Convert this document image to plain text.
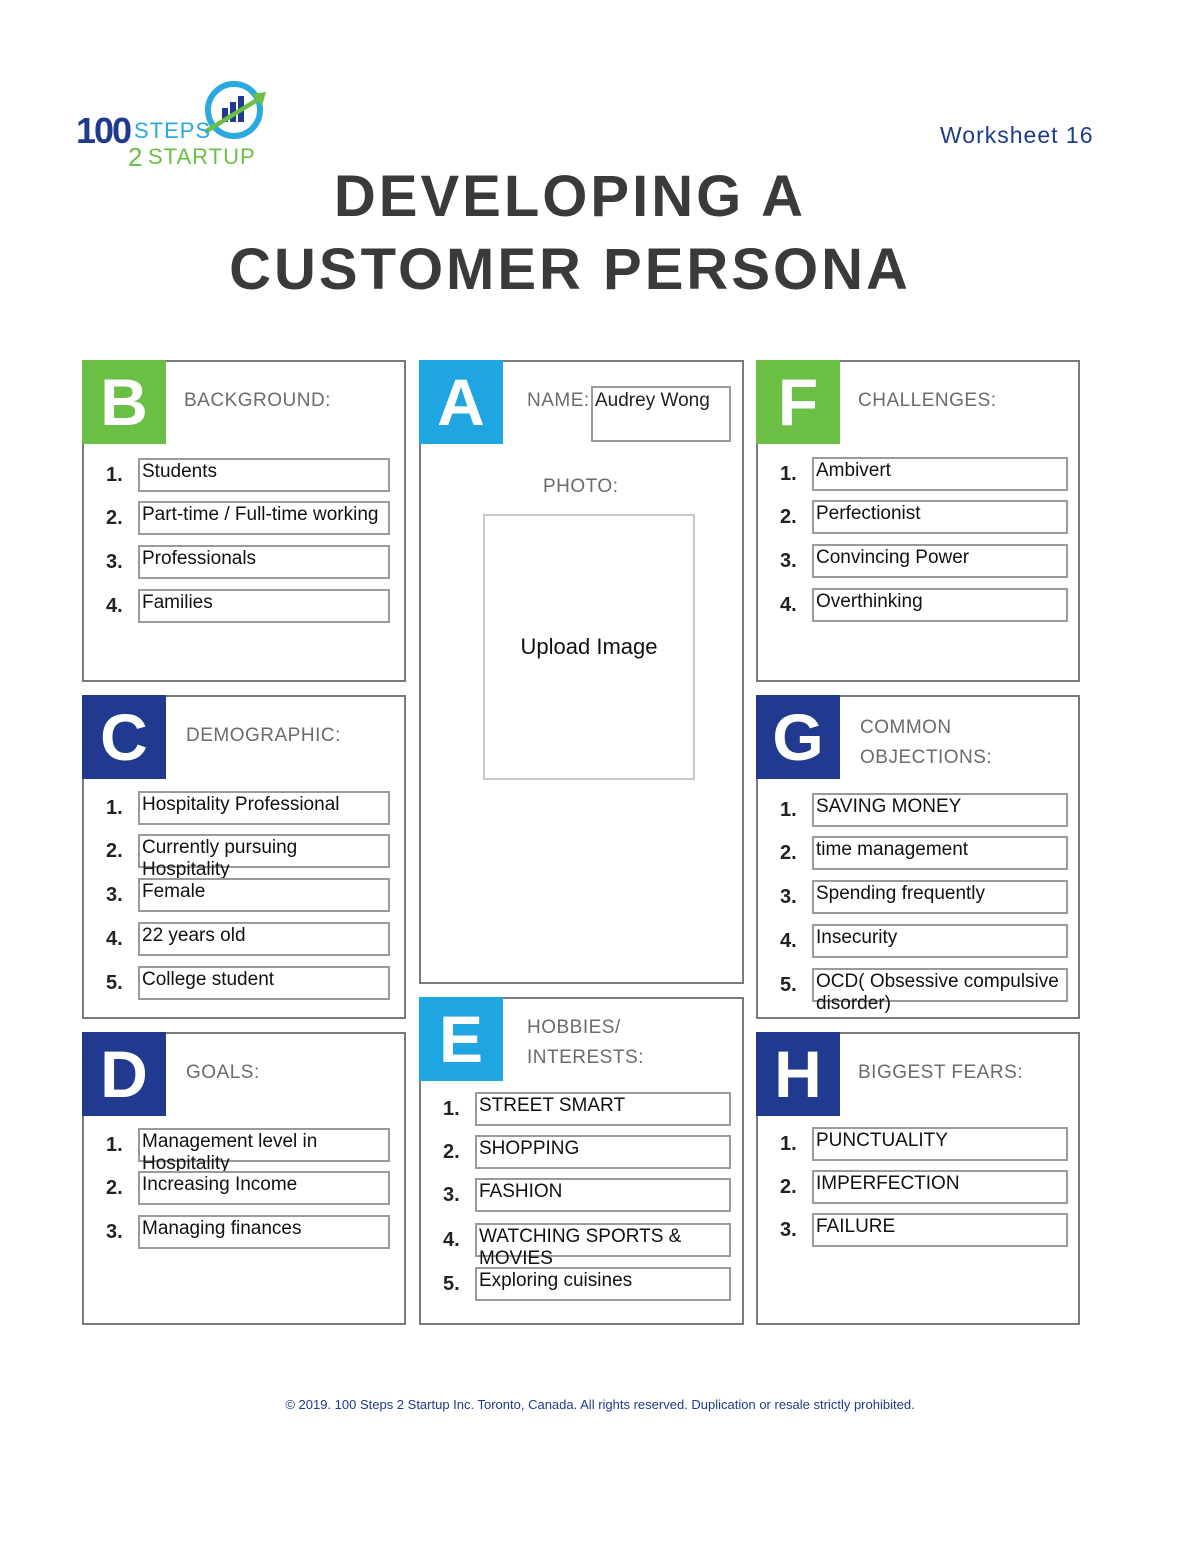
100 STEPS
2 STARTUP
Worksheet 16
DEVELOPING A
CUSTOMER PERSONA
B	BACKGROUND:
1.	Students
2.	Part-time / Full-time working
3.	Professionals
4.	Families
A	NAME: Audrey Wong
PHOTO:
Upload Image
F	CHALLENGES:
1.	Ambivert
2.	Perfectionist
3.	Convincing Power
4.	Overthinking
C	DEMOGRAPHIC:
1.	Hospitality Professional
2.	Currently pursuing Hospitality
3.	Female
4.	22 years old
5.	College student
G	COMMON
OBJECTIONS:
1.	SAVING MONEY
2.	time management
3.	Spending frequently
4.	Insecurity
5.	OCD( Obsessive compulsive disorder)
D	GOALS:
1.	Management level in Hospitality
2.	Increasing Income
3.	Managing finances
E	HOBBIES/
INTERESTS:
1.	STREET SMART
2.	SHOPPING
3.	FASHION
4.	WATCHING SPORTS & MOVIES
5.	Exploring cuisines
H	BIGGEST FEARS:
1.	PUNCTUALITY
2.	IMPERFECTION
3.	FAILURE
© 2019. 100 Steps 2 Startup Inc. Toronto, Canada. All rights reserved. Duplication or resale strictly prohibited.
